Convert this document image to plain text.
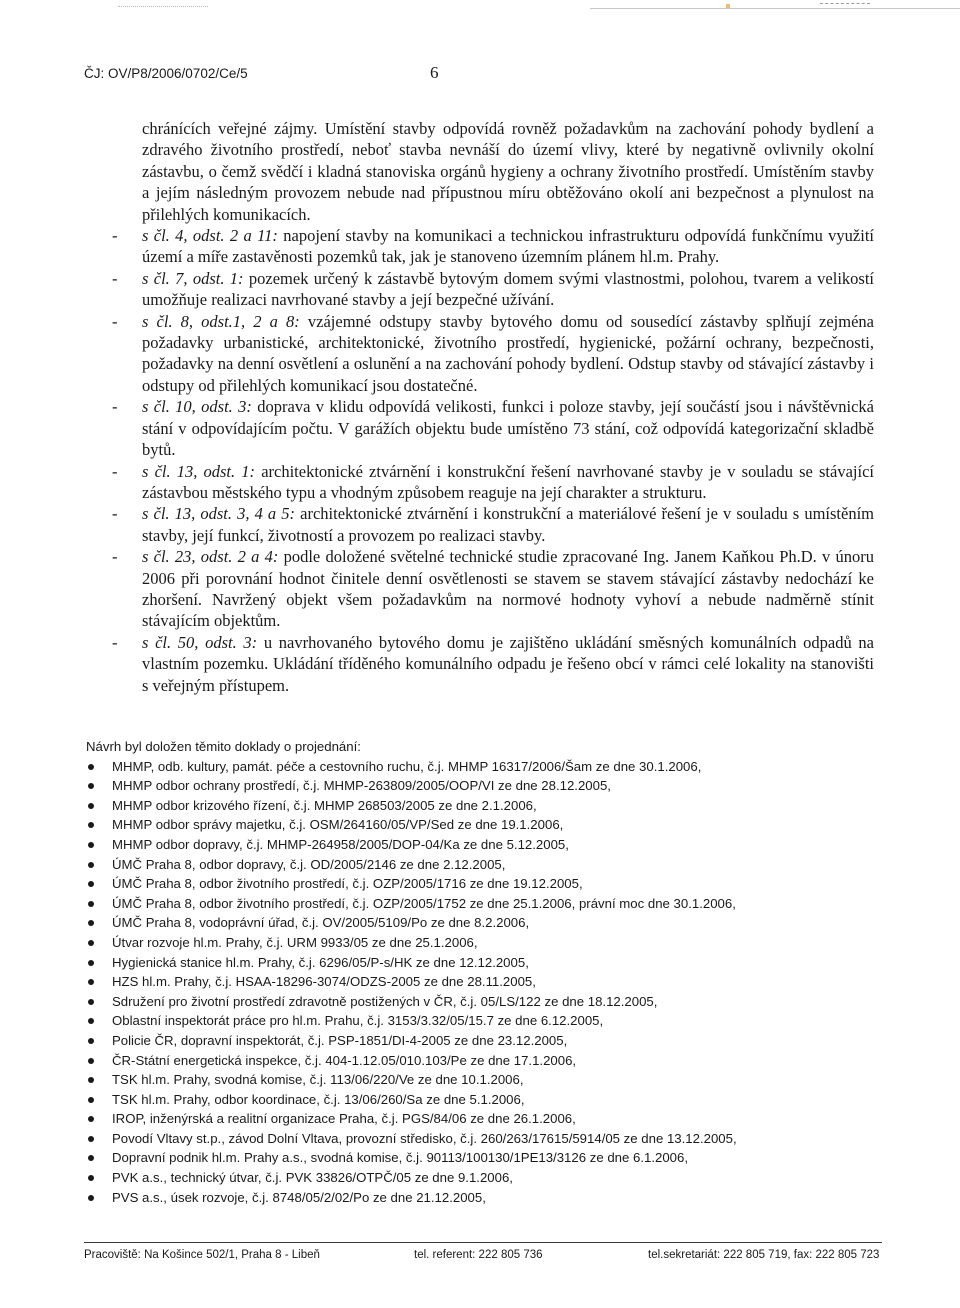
ČJ: OV/P8/2006/0702/Ce/5	6

chránících veřejné zájmy. Umístění stavby odpovídá rovněž požadavkům na zachování pohody bydlení a zdravého životního prostředí, neboť stavba nevnáší do území vlivy, které by negativně ovlivnily okolní zástavbu, o čemž svědčí i kladná stanoviska orgánů hygieny a ochrany životního prostředí. Umístěním stavby a jejím následným provozem nebude nad přípustnou míru obtěžováno okolí ani bezpečnost a plynulost na přilehlých komunikacích.

- s čl. 4, odst. 2 a 11: napojení stavby na komunikaci a technickou infrastrukturu odpovídá funkčnímu využití území a míře zastavěnosti pozemků tak, jak je stanoveno územním plánem hl.m. Prahy.
- s čl. 7, odst. 1: pozemek určený k zástavbě bytovým domem svými vlastnostmi, polohou, tvarem a velikostí umožňuje realizaci navrhované stavby a její bezpečné užívání.
- s čl. 8, odst.1, 2 a 8: vzájemné odstupy stavby bytového domu od sousedící zástavby splňují zejména požadavky urbanistické, architektonické, životního prostředí, hygienické, požární ochrany, bezpečnosti, požadavky na denní osvětlení a oslunění a na zachování pohody bydlení. Odstup stavby od stávající zástavby i odstupy od přilehlých komunikací jsou dostatečné.
- s čl. 10, odst. 3: doprava v klidu odpovídá velikosti, funkci i poloze stavby, její součástí jsou i návštěvnická stání v odpovídajícím počtu. V garážích objektu bude umístěno 73 stání, což odpovídá kategorizační skladbě bytů.
- s čl. 13, odst. 1: architektonické ztvárnění i konstrukční řešení navrhované stavby je v souladu se stávající zástavbou městského typu a vhodným způsobem reaguje na její charakter a strukturu.
- s čl. 13, odst. 3, 4 a 5: architektonické ztvárnění i konstrukční a materiálové řešení je v souladu s umístěním stavby, její funkcí, životností a provozem po realizaci stavby.
- s čl. 23, odst. 2 a 4: podle doložené světelné technické studie zpracované Ing. Janem Kaňkou Ph.D. v únoru 2006 při porovnání hodnot činitele denní osvětlenosti se stavem se stavem stávající zástavby nedochází ke zhoršení. Navržený objekt všem požadavkům na normové hodnoty vyhoví a nebude nadměrně stínit stávajícím objektům.
- s čl. 50, odst. 3: u navrhovaného bytového domu je zajištěno ukládání směsných komunálních odpadů na vlastním pozemku. Ukládání tříděného komunálního odpadu je řešeno obcí v rámci celé lokality na stanovišti s veřejným přístupem.

Návrh byl doložen těmito doklady o projednání:

MHMP, odb. kultury, památ. péče a cestovního ruchu, č.j. MHMP 16317/2006/Šam ze dne 30.1.2006,
MHMP odbor ochrany prostředí, č.j. MHMP-263809/2005/OOP/VI ze dne 28.12.2005,
MHMP odbor krizového řízení, č.j. MHMP 268503/2005 ze dne 2.1.2006,
MHMP odbor správy majetku, č.j. OSM/264160/05/VP/Sed ze dne 19.1.2006,
MHMP odbor dopravy, č.j. MHMP-264958/2005/DOP-04/Ka ze dne 5.12.2005,
ÚMČ Praha 8, odbor dopravy, č.j. OD/2005/2146 ze dne 2.12.2005,
ÚMČ Praha 8, odbor životního prostředí, č.j. OZP/2005/1716 ze dne 19.12.2005,
ÚMČ Praha 8, odbor životního prostředí, č.j. OZP/2005/1752 ze dne 25.1.2006, právní moc dne 30.1.2006,
ÚMČ Praha 8, vodoprávní úřad, č.j. OV/2005/5109/Po ze dne 8.2.2006,
Útvar rozvoje hl.m. Prahy, č.j. URM 9933/05 ze dne 25.1.2006,
Hygienická stanice hl.m. Prahy, č.j. 6296/05/P-s/HK ze dne 12.12.2005,
HZS hl.m. Prahy, č.j. HSAA-18296-3074/ODZS-2005 ze dne 28.11.2005,
Sdružení pro životní prostředí zdravotně postižených v ČR, č.j. 05/LS/122 ze dne 18.12.2005,
Oblastní inspektorát práce pro hl.m. Prahu, č.j. 3153/3.32/05/15.7 ze dne 6.12.2005,
Policie ČR, dopravní inspektorát, č.j. PSP-1851/DI-4-2005 ze dne 23.12.2005,
ČR-Státní energetická inspekce, č.j. 404-1.12.05/010.103/Pe ze dne 17.1.2006,
TSK hl.m. Prahy, svodná komise, č.j. 113/06/220/Ve ze dne 10.1.2006,
TSK hl.m. Prahy, odbor koordinace, č.j. 13/06/260/Sa ze dne 5.1.2006,
IROP, inženýrská a realitní organizace Praha, č.j. PGS/84/06 ze dne 26.1.2006,
Povodí Vltavy st.p., závod Dolní Vltava, provozní středisko, č.j. 260/263/17615/5914/05 ze dne 13.12.2005,
Dopravní podnik hl.m. Prahy a.s., svodná komise, č.j. 90113/100130/1PE13/3126 ze dne 6.1.2006,
PVK a.s., technický útvar, č.j. PVK 33826/OTPČ/05 ze dne 9.1.2006,
PVS a.s., úsek rozvoje, č.j. 8748/05/2/02/Po ze dne 21.12.2005,
Pracoviště: Na Košince 502/1, Praha 8 - Libeň	tel. referent: 222 805 736	tel.sekretariát: 222 805 719, fax: 222 805 723
